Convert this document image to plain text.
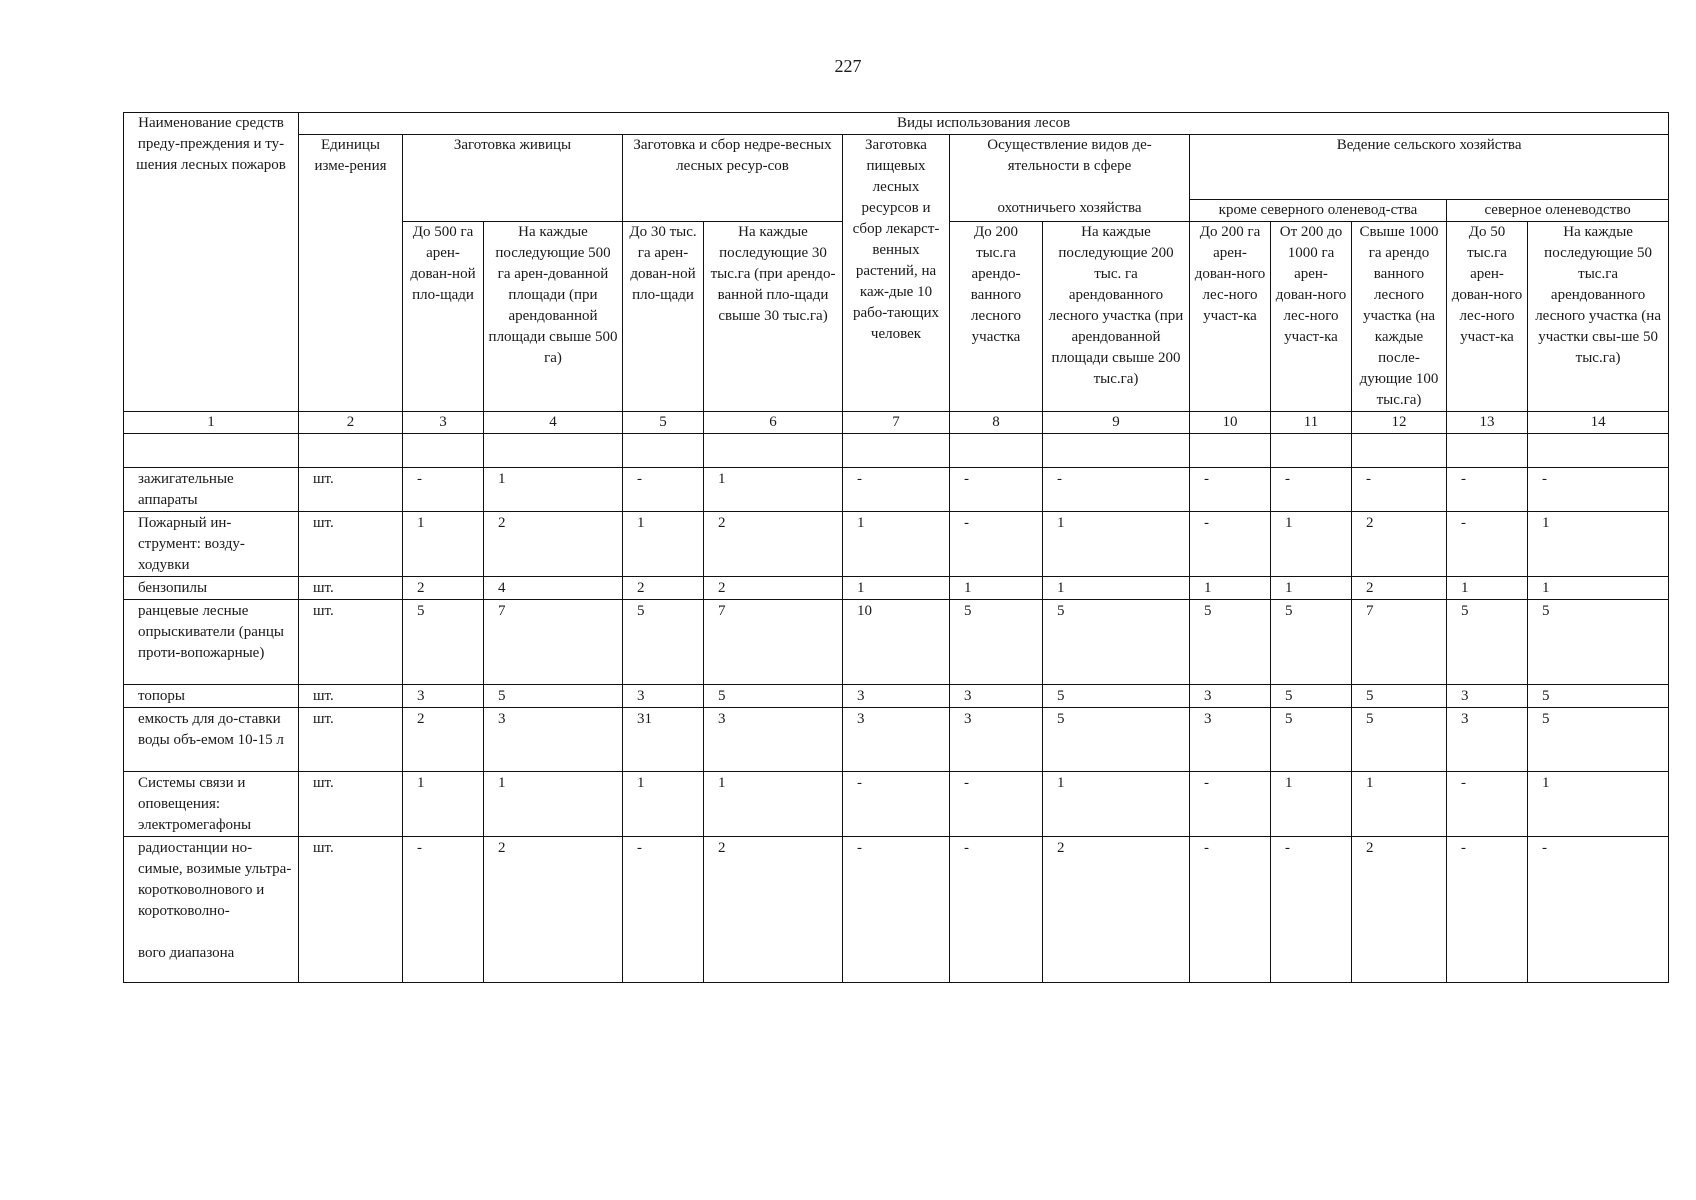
227
Наименование средств преду-преждения и ту-шения лесных пожаров	Виды использования лесов												
	Единицы изме-рения	Заготовка живицы		Заготовка и сбор недре-весных лесных ресур-сов		Заготовка пищевых лесных ресурсов и сбор лекарст-венных растений, на каж-дые 10 рабо-тающих человек	Осуществление видов де-ятельности в сфере
охотничьего хозяйства		Ведение сельского хозяйства				
									кроме северного оленевод-ства			северное оленеводство	
		До 500 га арен-дован-ной пло-щади	На каждые последующие 500 га арен-дованной площади (при арендованной площади свыше 500 га)	До 30 тыс. га арен-дован-ной пло-щади	На каждые последующие 30 тыс.га (при арендо-ванной пло-щади свыше 30 тыс.га)		До 200 тыс.га арендо-ванного лесного участка	На каждые последующие 200 тыс. га арендованного лесного участка (при арендованной площади свыше 200 тыс.га)	До 200 га арен-дован-ного лес-ного участ-ка	От 200 до 1000 га арен-дован-ного лес-ного участ-ка	Свыше 1000 га арендо ванного лесного участка (на каждые после-дующие 100 тыс.га)	До 50 тыс.га арен-дован-ного лес-ного участ-ка	На каждые последующие 50 тыс.га арендованного лесного участка (на участки свы-ше 50 тыс.га)
1	2	3	4	5	6	7	8	9	10	11	12	13	14

зажигательные аппараты	шт.	-	1	-	1	-	-	-	-	-	-	-	-
Пожарный ин-струмент: возду-ходувки	шт.	1	2	1	2	1	-	1	-	1	2	-	1
бензопилы	шт.	2	4	2	2	1	1	1	1	1	2	1	1
ранцевые лесные опрыскиватели (ранцы проти-вопожарные)	шт.	5	7	5	7	10	5	5	5	5	7	5	5
топоры	шт.	3	5	3	5	3	3	5	3	5	5	3	5
емкость для до-ставки воды объ-емом 10-15 л	шт.	2	3	31	3	3	3	5	3	5	5	3	5
Системы связи и оповещения: электромегафоны	шт.	1	1	1	1	-	-	1	-	1	1	-	1

радиостанции но-симые, возимые ультра-коротковолнового и коротковолно-
вого диапазона	шт.	-	2	-	2	-	-	2	-	-	2	-	-
